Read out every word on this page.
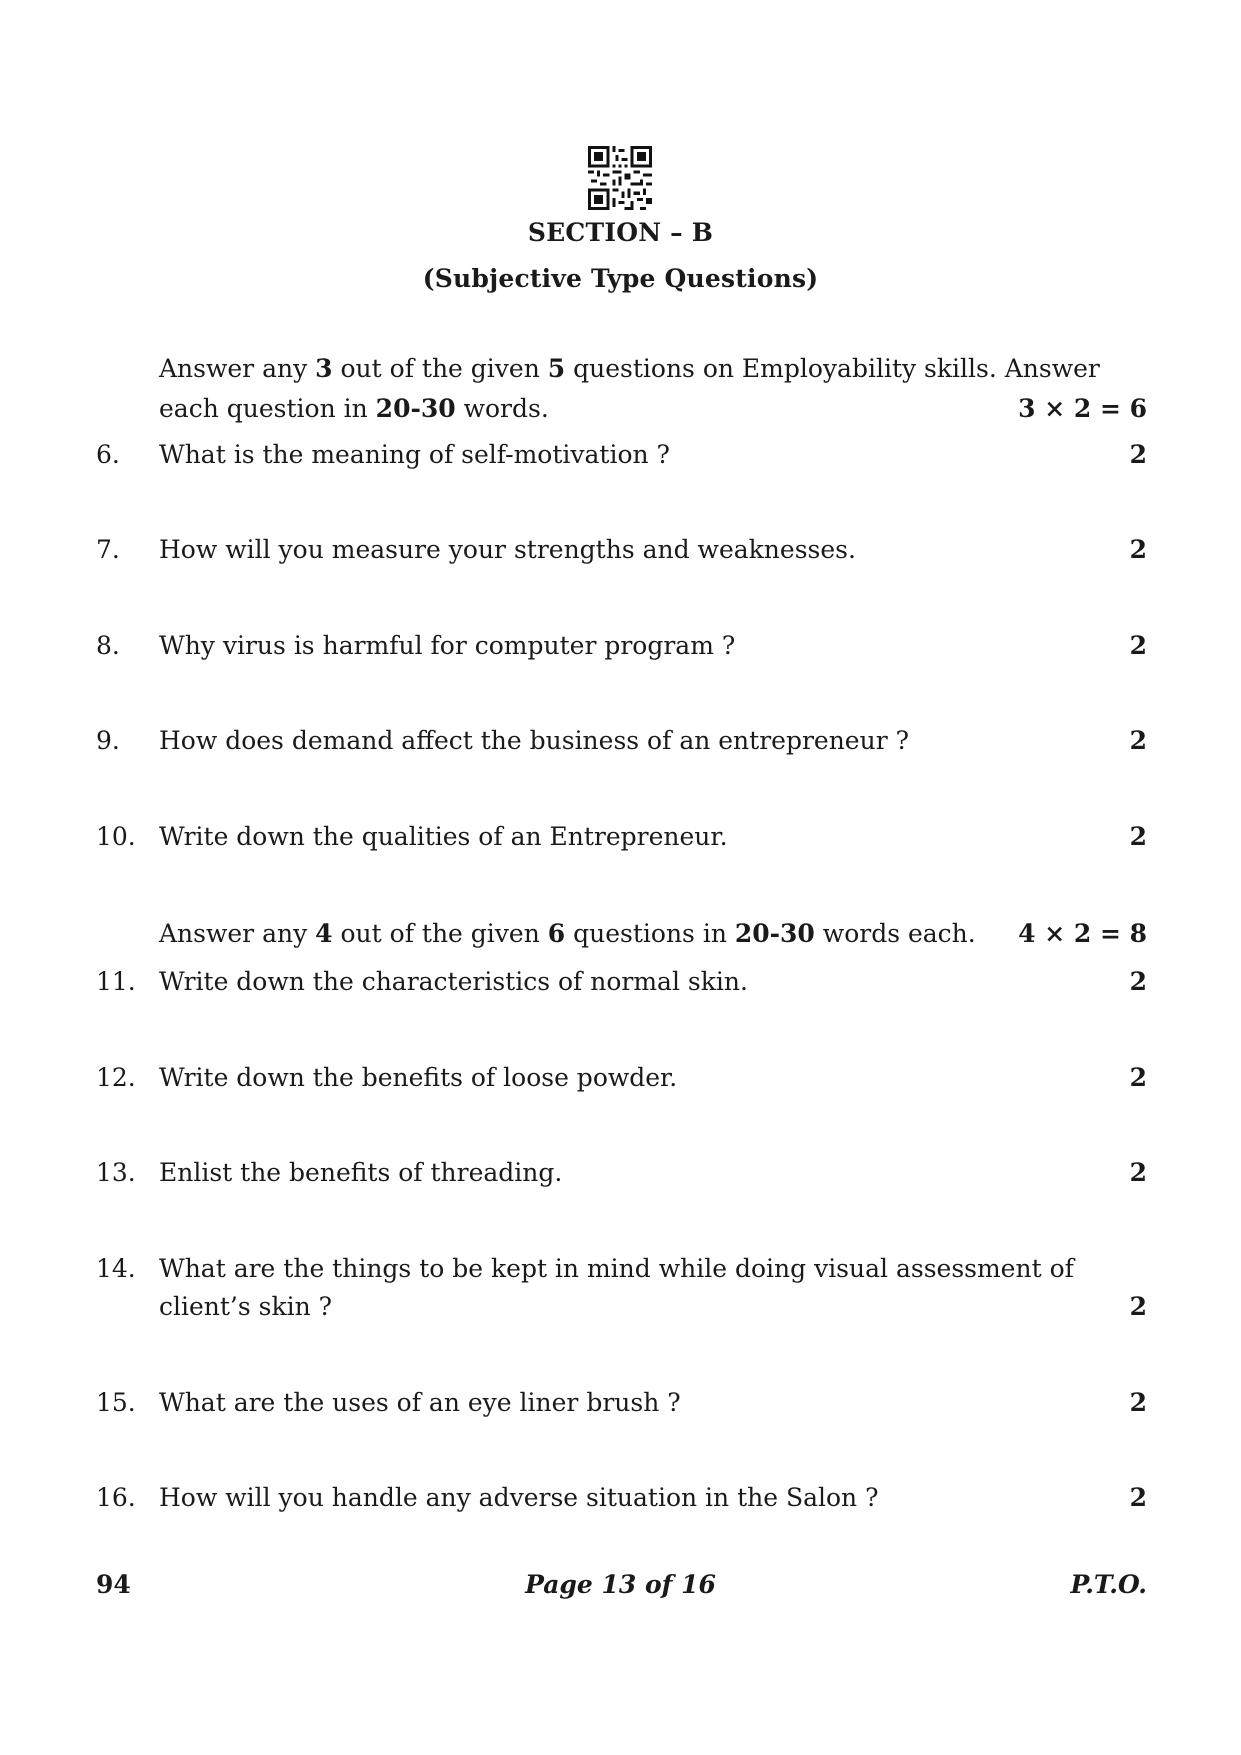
SECTION – B
(Subjective Type Questions)
Answer any 3 out of the given 5 questions on Employability skills. Answer
each question in 20-30 words.	3 × 2 = 6
6. What is the meaning of self-motivation ?	2
7. How will you measure your strengths and weaknesses.	2
8. Why virus is harmful for computer program ?	2
9. How does demand affect the business of an entrepreneur ?	2
10. Write down the qualities of an Entrepreneur.	2
Answer any 4 out of the given 6 questions in 20-30 words each. 4 × 2 = 8
11. Write down the characteristics of normal skin.	2
12. Write down the benefits of loose powder.	2
13. Enlist the benefits of threading.	2
14. What are the things to be kept in mind while doing visual assessment of
client’s skin ?	2
15. What are the uses of an eye liner brush ?	2
16. How will you handle any adverse situation in the Salon ?	2
94	Page 13 of 16	P.T.O.
